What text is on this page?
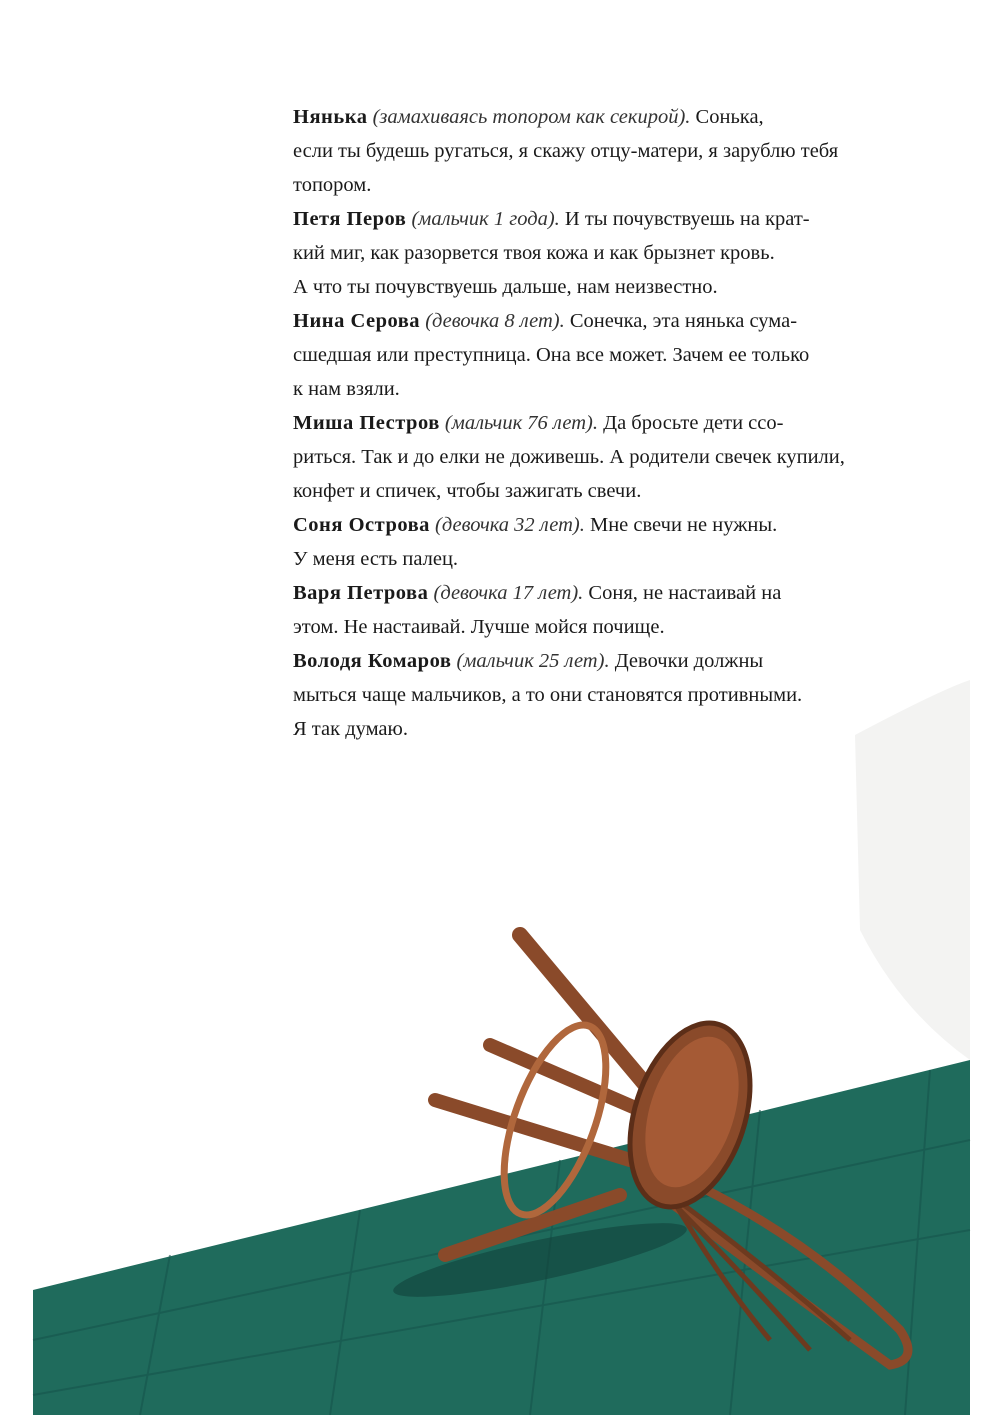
Нянька (замахиваясь топором как секирой). Сонька,
если ты будешь ругаться, я скажу отцу-матери, я зарублю тебя
топором.
Петя Перов (мальчик 1 года). И ты почувствуешь на крат-
кий миг, как разорвется твоя кожа и как брызнет кровь.
А что ты почувствуешь дальше, нам неизвестно.
Нина Серова (девочка 8 лет). Сонечка, эта нянька сума-
сшедшая или преступница. Она все может. Зачем ее только
к нам взяли.
Миша Пестров (мальчик 76 лет). Да бросьте дети ссо-
риться. Так и до елки не доживешь. А родители свечек купили,
конфет и спичек, чтобы зажигать свечи.
Соня Острова (девочка 32 лет). Мне свечи не нужны.
У меня есть палец.
Варя Петрова (девочка 17 лет). Соня, не настаивай на
этом. Не настаивай. Лучше мойся почище.
Володя Комаров (мальчик 25 лет). Девочки должны
мыться чаще мальчиков, а то они становятся противными.
Я так думаю.
